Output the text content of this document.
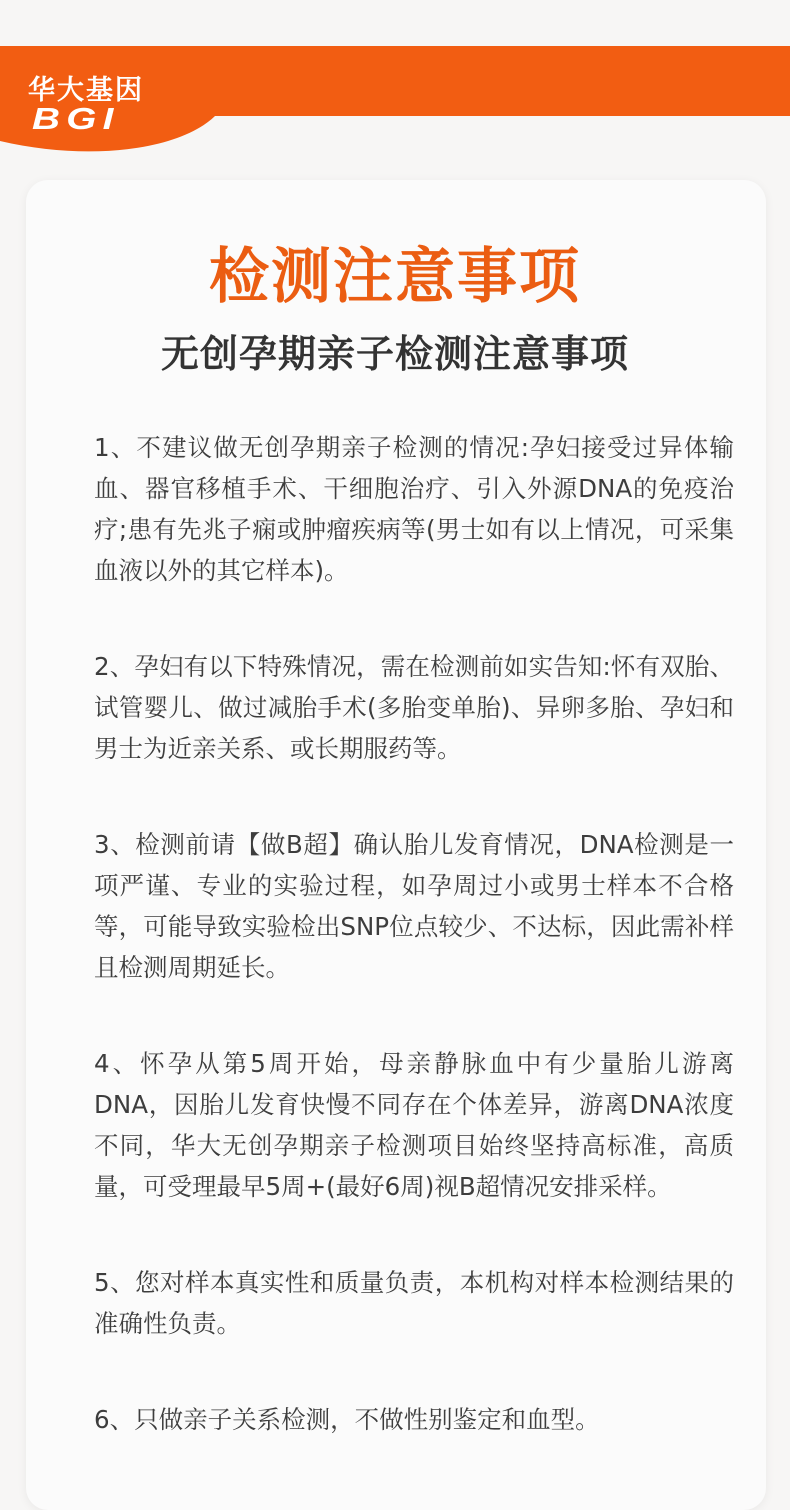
华大基因

BGI

检测注意事项
无创孕期亲子检测注意事项

1、不建议做无创孕期亲子检测的情况:孕妇接受过异体输血、器官移植手术、干细胞治疗、引入外源DNA的免疫治疗;患有先兆子痫或肿瘤疾病等(男士如有以上情况，可采集血液以外的其它样本)。

2、孕妇有以下特殊情况，需在检测前如实告知:怀有双胎、试管婴儿、做过减胎手术(多胎变单胎)、异卵多胎、孕妇和男士为近亲关系、或长期服药等。

3、检测前请【做B超】确认胎儿发育情况，DNA检测是一项严谨、专业的实验过程，如孕周过小或男士样本不合格等，可能导致实验检出SNP位点较少、不达标，因此需补样且检测周期延长。

4、怀孕从第5周开始，母亲静脉血中有少量胎儿游离DNA，因胎儿发育快慢不同存在个体差异，游离DNA浓度不同，华大无创孕期亲子检测项目始终坚持高标准，高质量，可受理最早5周+(最好6周)视B超情况安排采样。

5、您对样本真实性和质量负责，本机构对样本检测结果的准确性负责。

6、只做亲子关系检测，不做性别鉴定和血型。
